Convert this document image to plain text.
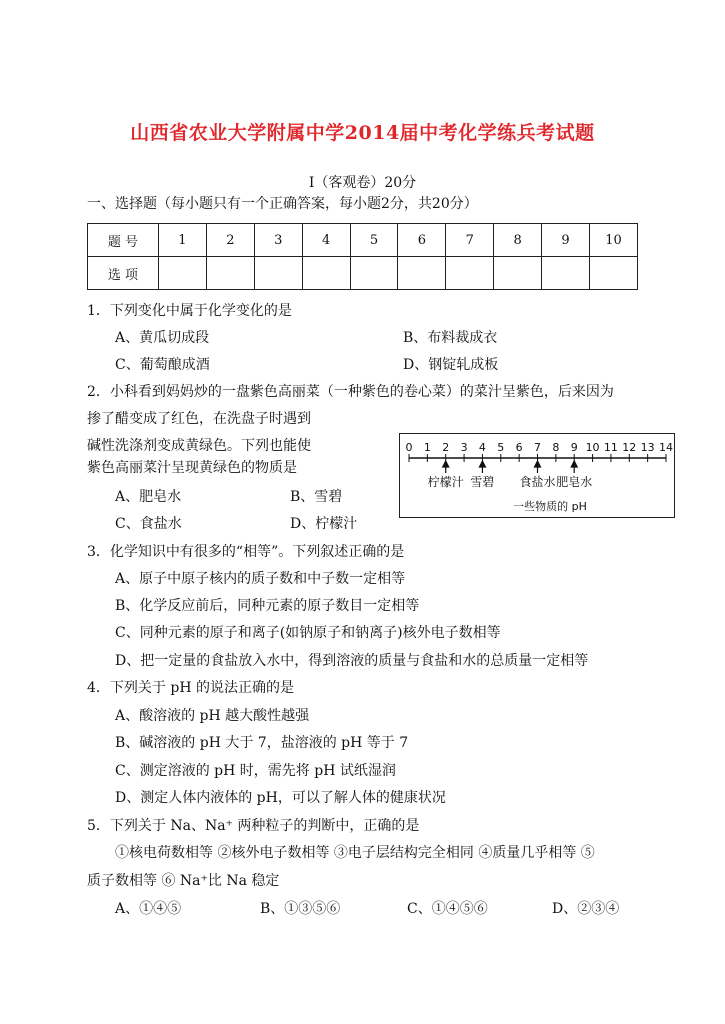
山西省农业大学附属中学2014届中考化学练兵考试题
Ⅰ（客观卷）20分
一、选择题（每小题只有一个正确答案，每小题2分，共20分）
题 号	1	2	3	4	5	6	7	8	9	10
选 项										
1．下列变化中属于化学变化的是
A、黄瓜切成段	B、布料裁成衣
C、葡萄酿成酒	D、钢锭轧成板
2．小科看到妈妈炒的一盘紫色高丽菜（一种紫色的卷心菜）的菜汁呈紫色，后来因为
掺了醋变成了红色，在洗盘子时遇到
碱性洗涤剂变成黄绿色。下列也能使
紫色高丽菜汁呈现黄绿色的物质是
A、肥皂水	B、雪碧
C、食盐水	D、柠檬汁
0 1 2 3 4 5 6 7 8 9 10 11 12 13 14
柠檬汁 雪碧 食盐水 肥皂水
一些物质的 pH
3．化学知识中有很多的“相等”。下列叙述正确的是
A、原子中原子核内的质子数和中子数一定相等
B、化学反应前后，同种元素的原子数目一定相等
C、同种元素的原子和离子(如钠原子和钠离子)核外电子数相等
D、把一定量的食盐放入水中，得到溶液的质量与食盐和水的总质量一定相等
4．下列关于 pH 的说法正确的是
A、酸溶液的 pH 越大酸性越强
B、碱溶液的 pH 大于 7，盐溶液的 pH 等于 7
C、测定溶液的 pH 时，需先将 pH 试纸湿润
D、测定人体内液体的 pH，可以了解人体的健康状况
5．下列关于 Na、Na⁺ 两种粒子的判断中，正确的是
①核电荷数相等 ②核外电子数相等 ③电子层结构完全相同 ④质量几乎相等 ⑤
质子数相等 ⑥ Na⁺比 Na 稳定
A、①④⑤	B、①③⑤⑥	C、①④⑤⑥	D、②③④
